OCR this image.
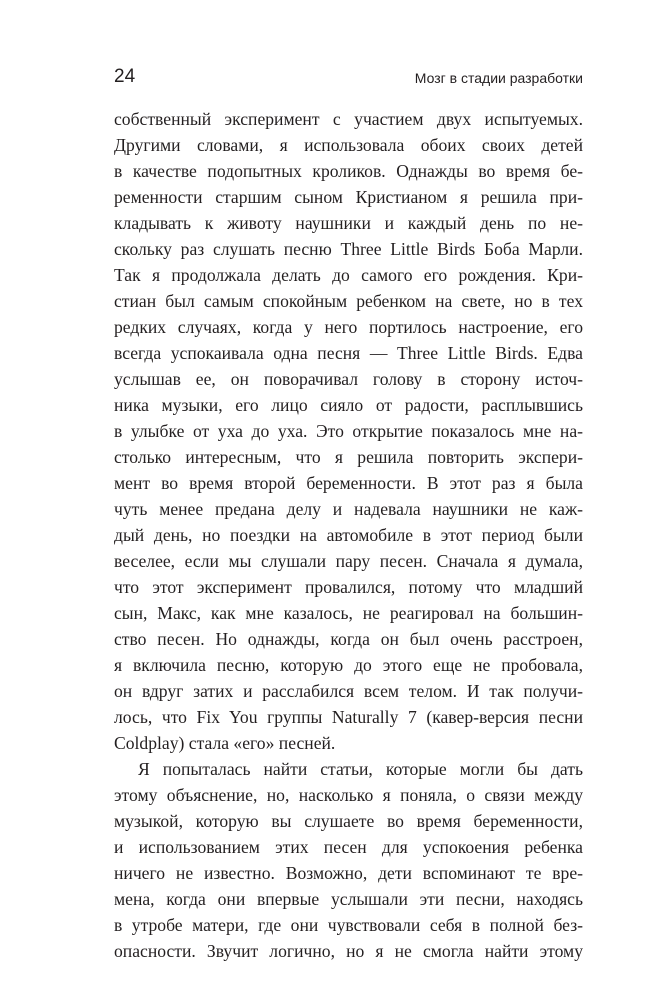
24	Мозг в стадии разработки
собственный эксперимент с участием двух испытуемых.
Другими словами, я использовала обоих своих детей
в качестве подопытных кроликов. Однажды во время бе-
ременности старшим сыном Кристианом я решила при-
кладывать к животу наушники и каждый день по не-
скольку раз слушать песню Three Little Birds Боба Марли.
Так я продолжала делать до самого его рождения. Кри-
стиан был самым спокойным ребенком на свете, но в тех
редких случаях, когда у него портилось настроение, его
всегда успокаивала одна песня — Three Little Birds. Едва
услышав ее, он поворачивал голову в сторону источ-
ника музыки, его лицо сияло от радости, расплывшись
в улыбке от уха до уха. Это открытие показалось мне на-
столько интересным, что я решила повторить экспери-
мент во время второй беременности. В этот раз я была
чуть менее предана делу и надевала наушники не каж-
дый день, но поездки на автомобиле в этот период были
веселее, если мы слушали пару песен. Сначала я думала,
что этот эксперимент провалился, потому что младший
сын, Макс, как мне казалось, не реагировал на большин-
ство песен. Но однажды, когда он был очень расстроен,
я включила песню, которую до этого еще не пробовала,
он вдруг затих и расслабился всем телом. И так получи-
лось, что Fix You группы Naturally 7 (кавер-версия песни
Coldplay) стала «его» песней.
Я попыталась найти статьи, которые могли бы дать
этому объяснение, но, насколько я поняла, о связи между
музыкой, которую вы слушаете во время беременности,
и использованием этих песен для успокоения ребенка
ничего не известно. Возможно, дети вспоминают те вре-
мена, когда они впервые услышали эти песни, находясь
в утробе матери, где они чувствовали себя в полной без-
опасности. Звучит логично, но я не смогла найти этому
